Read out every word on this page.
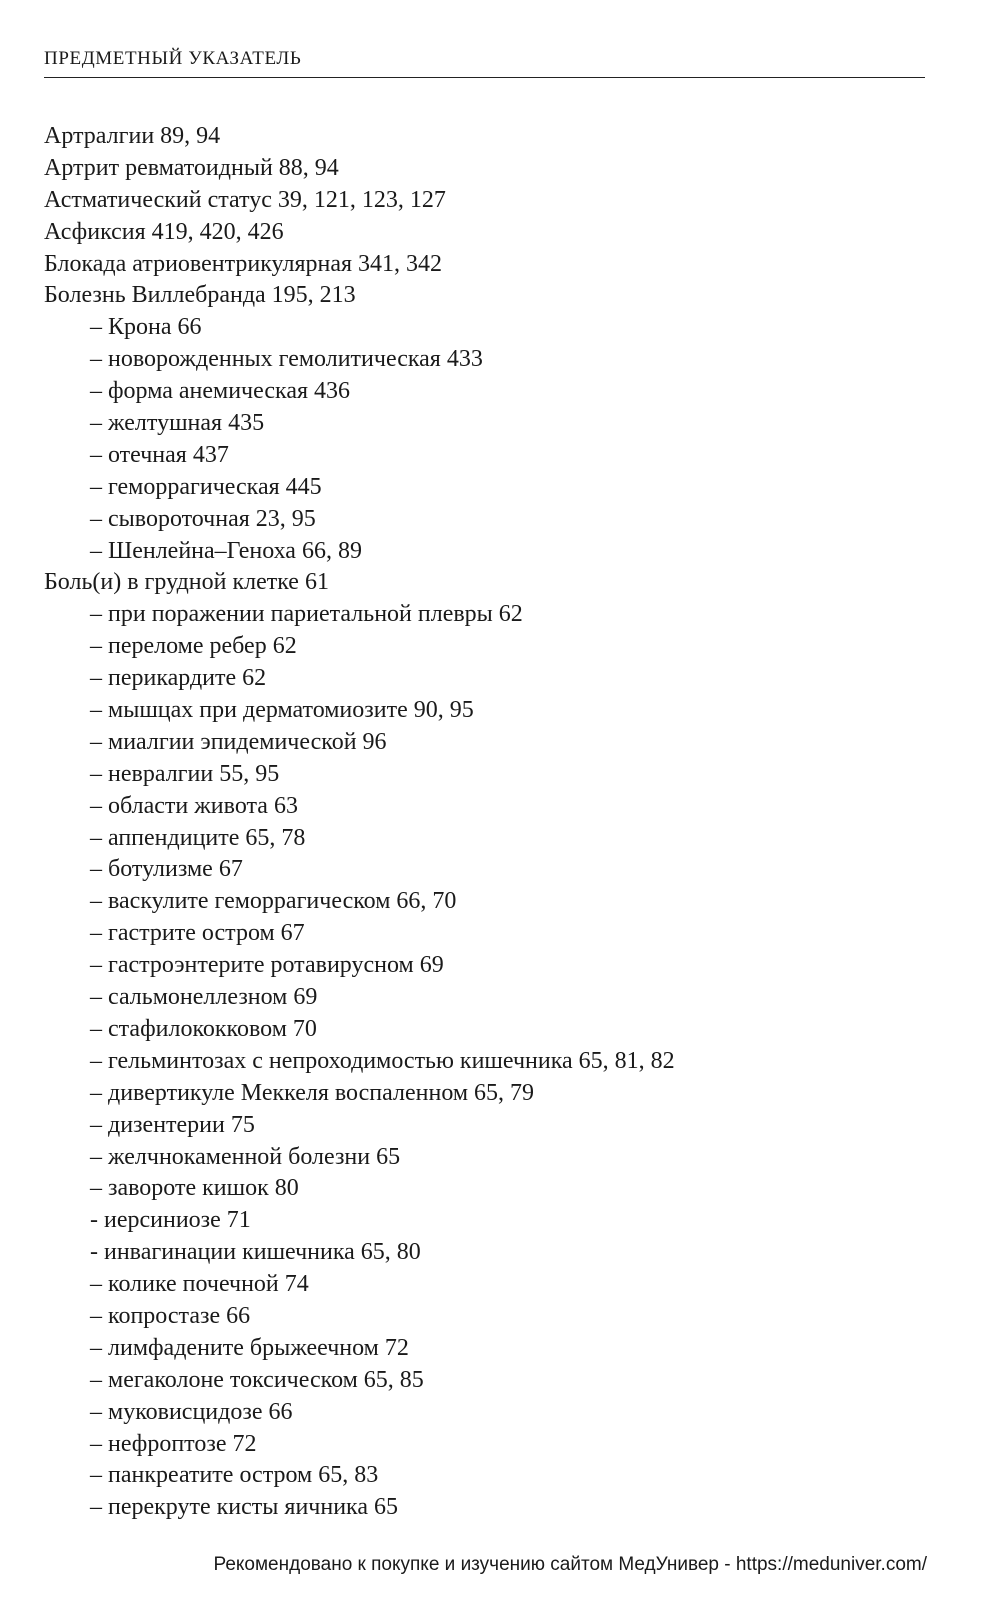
ПРЕДМЕТНЫЙ УКАЗАТЕЛЬ
Артралгии 89, 94
Артрит ревматоидный 88, 94
Астматический статус 39, 121, 123, 127
Асфиксия 419, 420, 426
Блокада атриовентрикулярная 341, 342
Болезнь Виллебранда 195, 213
– Крона 66
– новорожденных гемолитическая 433
– форма анемическая 436
– желтушная 435
– отечная 437
– геморрагическая 445
– сывороточная 23, 95
– Шенлейна–Геноха 66, 89
Боль(и) в грудной клетке 61
– при поражении париетальной плевры 62
– переломе ребер 62
– перикардите 62
– мышцах при дерматомиозите 90, 95
– миалгии эпидемической 96
– невралгии 55, 95
– области живота 63
– аппендиците 65, 78
– ботулизме 67
– васкулите геморрагическом 66, 70
– гастрите остром 67
– гастроэнтерите ротавирусном 69
– сальмонеллезном 69
– стафилококковом 70
– гельминтозах с непроходимостью кишечника 65, 81, 82
– дивертикуле Меккеля воспаленном 65, 79
– дизентерии 75
– желчнокаменной болезни 65
– завороте кишок 80
- иерсиниозе 71
- инвагинации кишечника 65, 80
– колике почечной 74
– копростазе 66
– лимфадените брыжеечном 72
– мегаколоне токсическом 65, 85
– муковисцидозе 66
– нефроптозе 72
– панкреатите остром 65, 83
– перекруте кисты яичника 65
Рекомендовано к покупке и изучению сайтом МедУнивер - https://meduniver.com/
